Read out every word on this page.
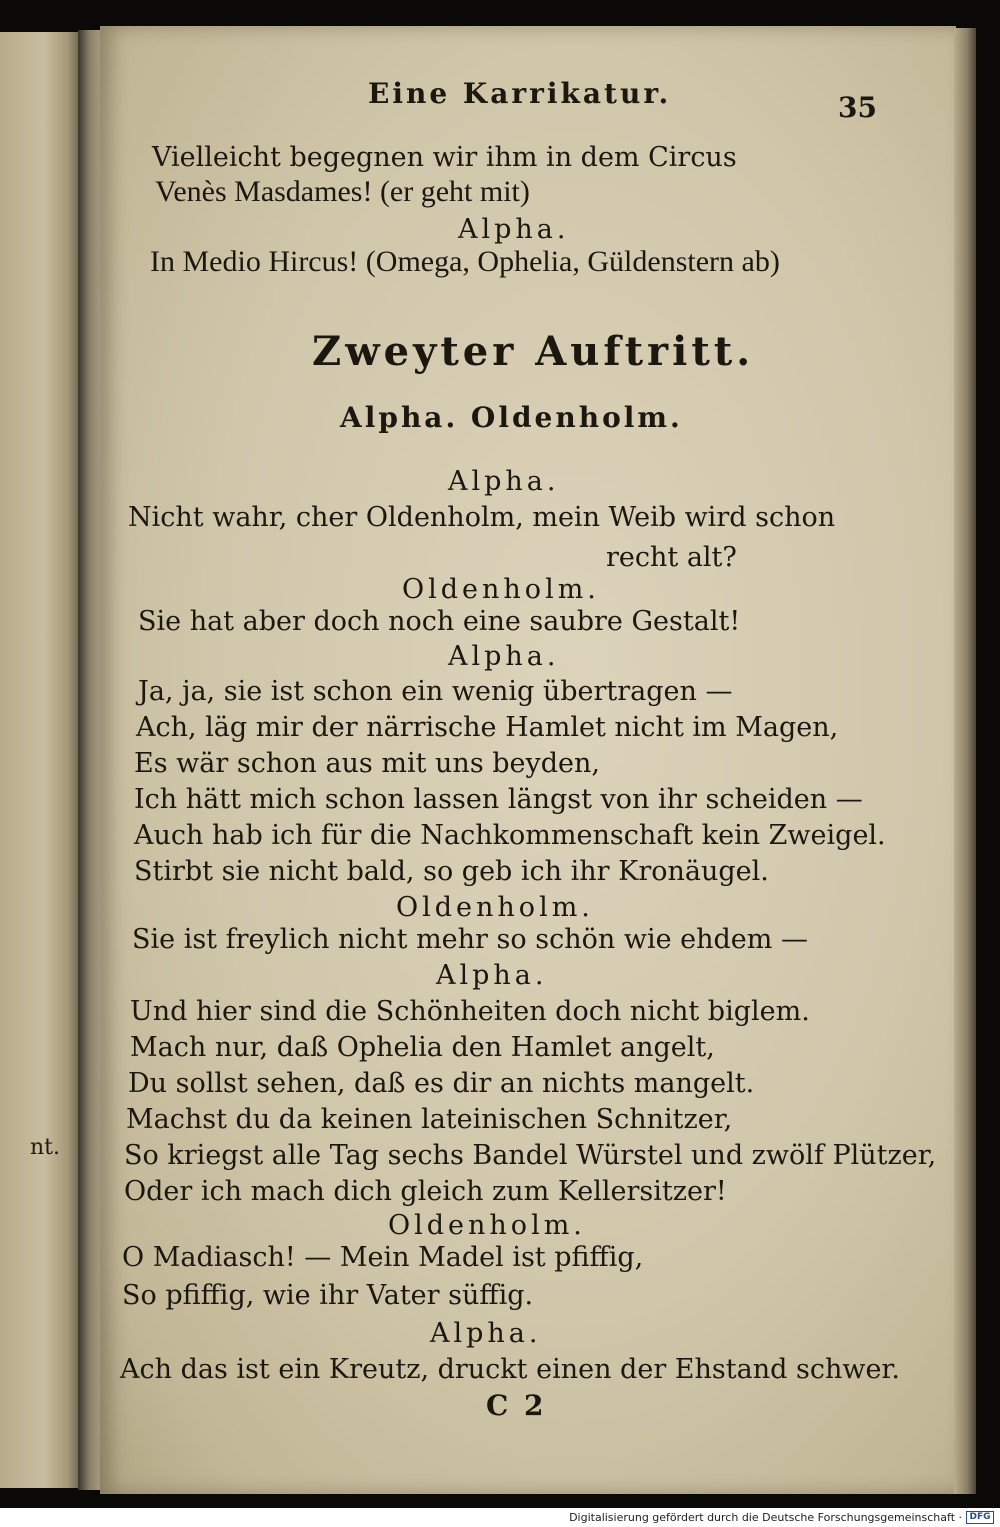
nt.
Eine Karrikatur.	35
Vielleicht begegnen wir ihm in dem Circus
Venès Masdames! (er geht mit)
Alpha.
In Medio Hircus! (Omega, Ophelia, Güldenstern ab)
Zweyter Auftritt.
Alpha. Oldenholm.
Alpha.
Nicht wahr, cher Oldenholm, mein Weib wird schon
recht alt?
Oldenholm.
Sie hat aber doch noch eine saubre Gestalt!
Alpha.
Ja, ja, sie ist schon ein wenig übertragen —
Ach, läg mir der närrische Hamlet nicht im Magen,
Es wär schon aus mit uns beyden,
Ich hätt mich schon lassen längst von ihr scheiden —
Auch hab ich für die Nachkommenschaft kein Zweigel.
Stirbt sie nicht bald, so geb ich ihr Kronäugel.
Oldenholm.
Sie ist freylich nicht mehr so schön wie ehdem —
Alpha.
Und hier sind die Schönheiten doch nicht biglem.
Mach nur, daß Ophelia den Hamlet angelt,
Du sollst sehen, daß es dir an nichts mangelt.
Machst du da keinen lateinischen Schnitzer,
So kriegst alle Tag sechs Bandel Würstel und zwölf Plützer,
Oder ich mach dich gleich zum Kellersitzer!
Oldenholm.
O Madiasch! — Mein Madel ist pfiffig,
So pfiffig, wie ihr Vater süffig.
Alpha.
Ach das ist ein Kreutz, druckt einen der Ehstand schwer.
C 2
Digitalisierung gefördert durch die Deutsche Forschungsgemeinschaft · DFG
